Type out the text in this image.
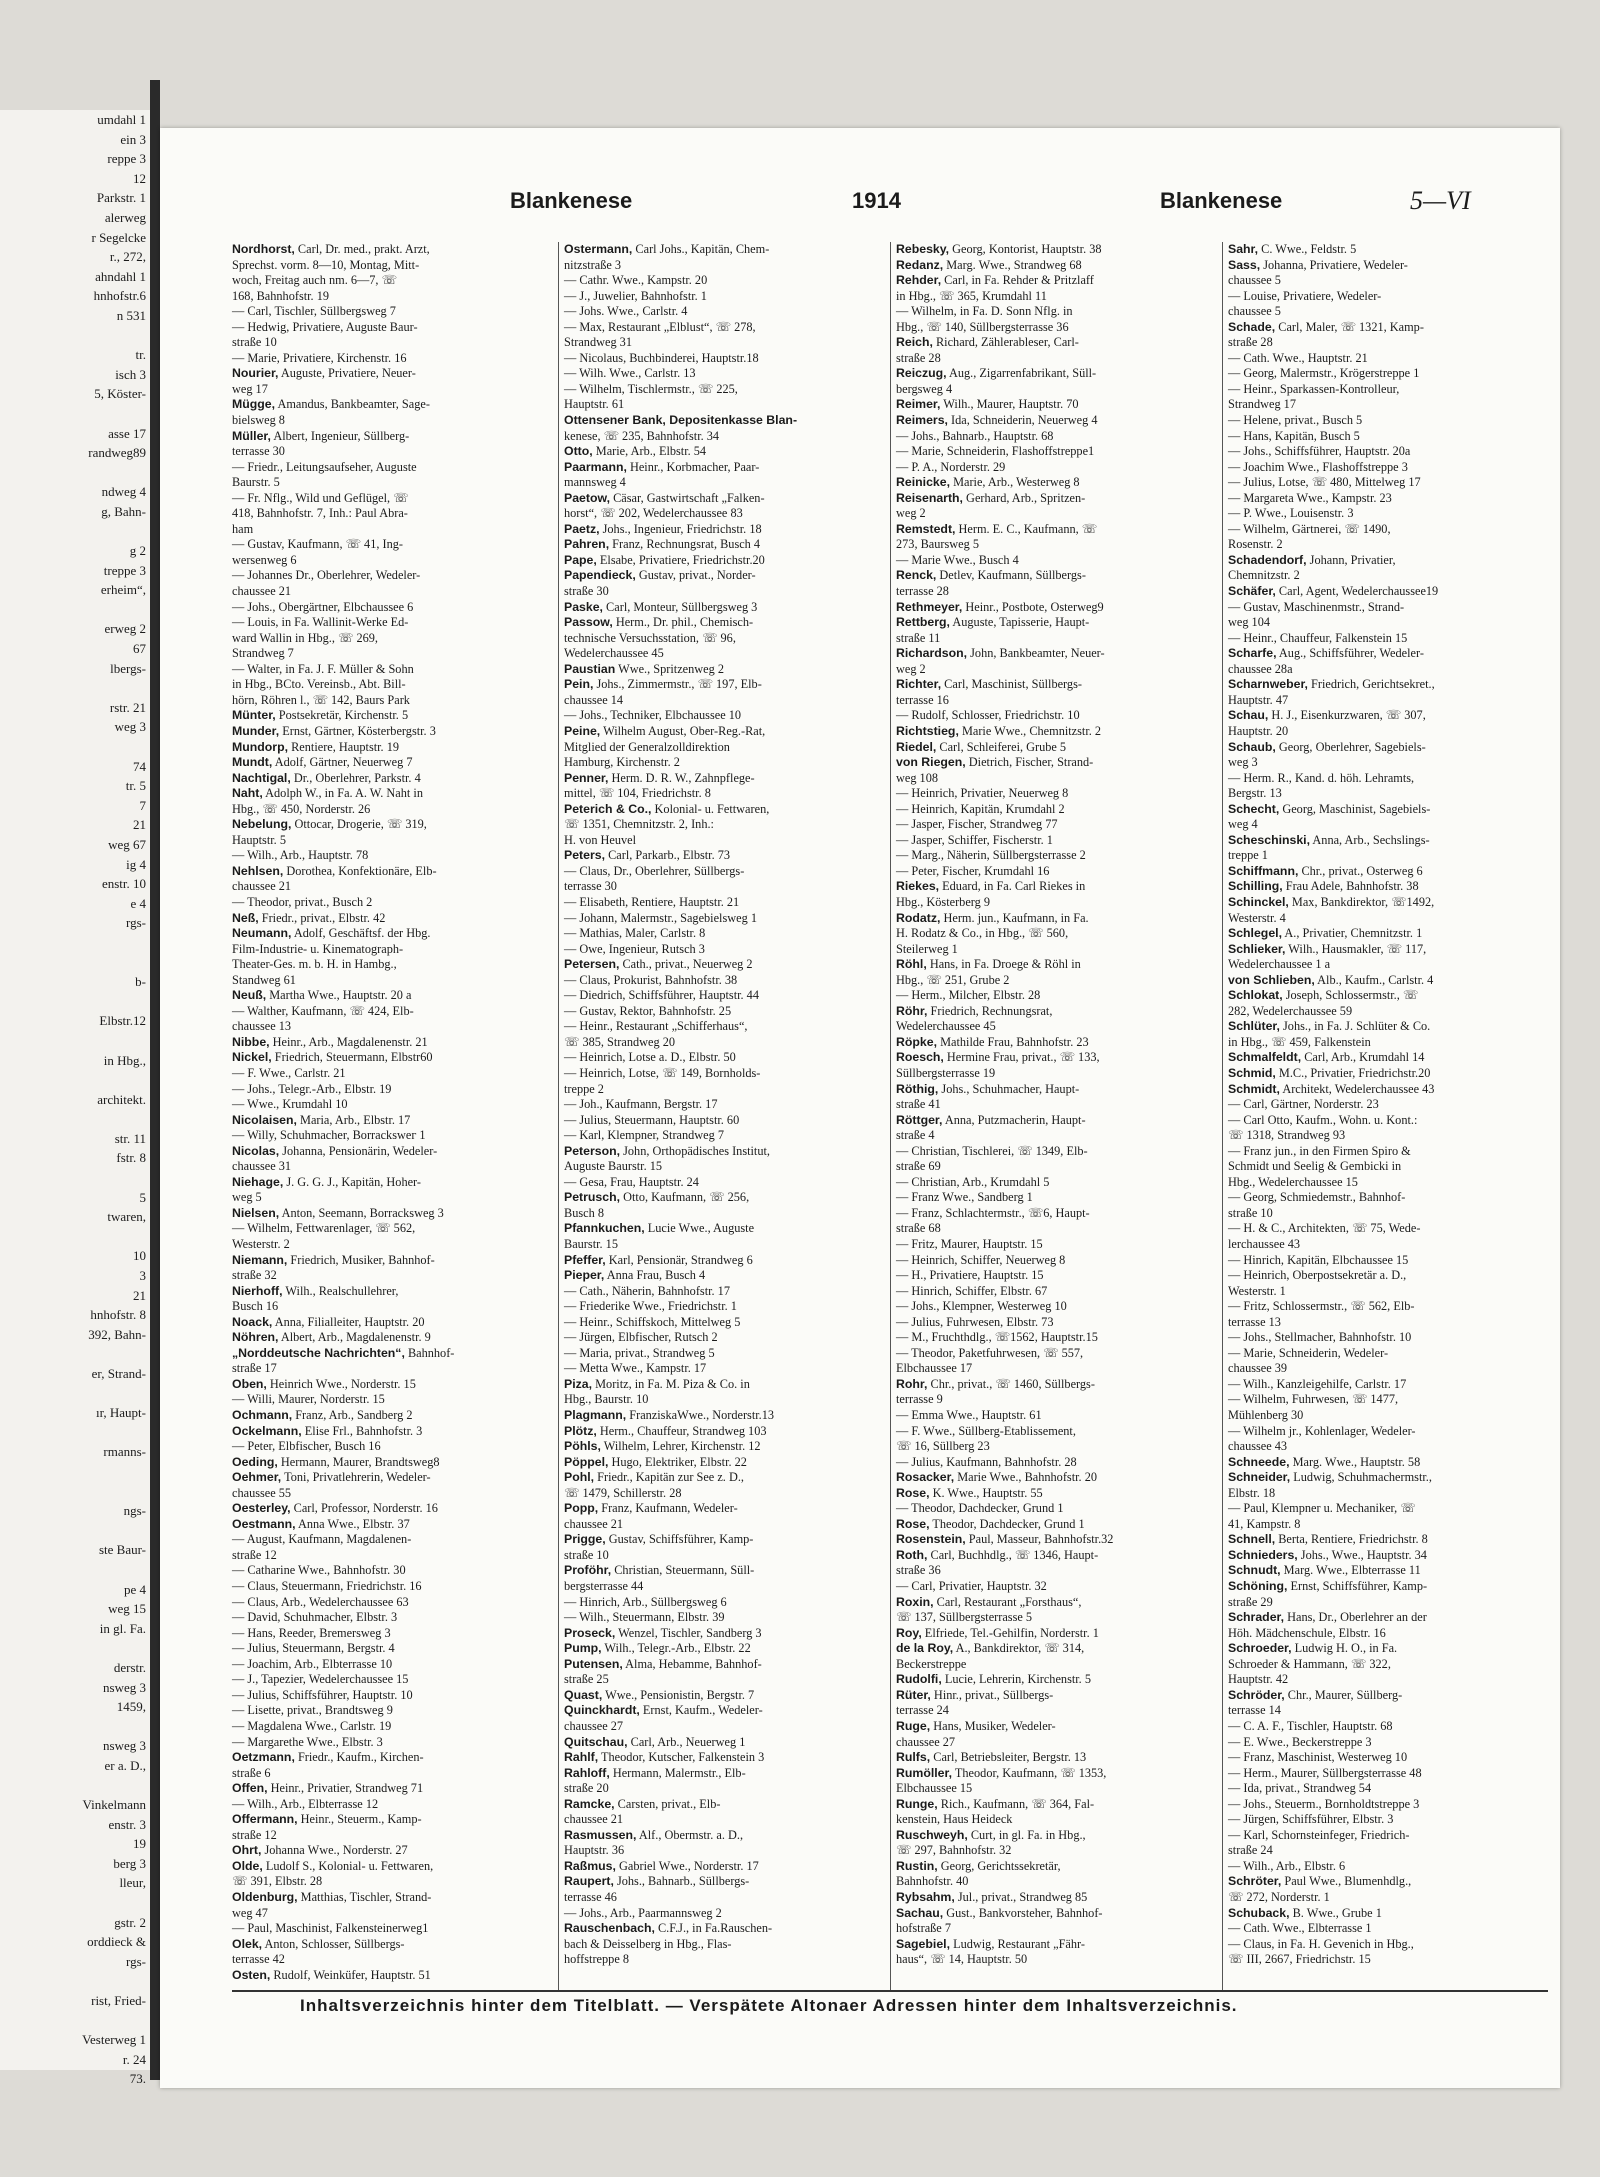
umdahl 1
ein 3
reppe 3
12
Parkstr. 1
alerweg
r Segelcke
r., 272,
ahndahl 1
hnhofstr.6
n 531

tr.
isch 3
5, Köster-

asse 17
randweg89

ndweg 4
g, Bahn-

g 2
treppe 3
erheim“,

erweg 2
67
lbergs-

rstr. 21
weg 3

74
tr. 5
7
21
weg 67
ig 4
enstr. 10
e 4
rgs-

b-

Elbstr.12

in Hbg.,

architekt.

str. 11
fstr. 8

5
twaren,

10
3
21
hnhofstr. 8
392, Bahn-

er, Strand-

ır, Haupt-

rmanns-

ngs-

ste Baur-

pe 4
weg 15
in gl. Fa.

derstr.
nsweg 3
1459,

nsweg 3
er a. D.,

Vinkelmann
enstr. 3
19
berg 3
lleur,

gstr. 2
orddieck &
rgs-

rist, Fried-

Vesterweg 1
r. 24
73.
Blankenese	1914	Blankenese	5—VI

Nordhorst, Carl, Dr. med., prakt. Arzt,

Sprechst. vorm. 8—10, Montag, Mitt-

woch, Freitag auch nm. 6—7, ☏

168, Bahnhofstr. 19

— Carl, Tischler, Süllbergsweg 7

— Hedwig, Privatiere, Auguste Baur-

straße 10

— Marie, Privatiere, Kirchenstr. 16

Nourier, Auguste, Privatiere, Neuer-

weg 17

Mügge, Amandus, Bankbeamter, Sage-

bielsweg 8

Müller, Albert, Ingenieur, Süllberg-

terrasse 30

— Friedr., Leitungsaufseher, Auguste

Baurstr. 5

— Fr. Nflg., Wild und Geflügel, ☏

418, Bahnhofstr. 7, Inh.: Paul Abra-

ham

— Gustav, Kaufmann, ☏ 41, Ing-

wersenweg 6

— Johannes Dr., Oberlehrer, Wedeler-

chaussee 21

— Johs., Obergärtner, Elbchaussee 6

— Louis, in Fa. Wallinit-Werke Ed-

ward Wallin in Hbg., ☏ 269,

Strandweg 7

— Walter, in Fa. J. F. Müller & Sohn

in Hbg., BCto. Vereinsb., Abt. Bill-

hörn, Röhren l., ☏ 142, Baurs Park

Münter, Postsekretär, Kirchenstr. 5

Munder, Ernst, Gärtner, Kösterbergstr. 3

Mundorp, Rentiere, Hauptstr. 19

Mundt, Adolf, Gärtner, Neuerweg 7

Nachtigal, Dr., Oberlehrer, Parkstr. 4

Naht, Adolph W., in Fa. A. W. Naht in

Hbg., ☏ 450, Norderstr. 26

Nebelung, Ottocar, Drogerie, ☏ 319,

Hauptstr. 5

— Wilh., Arb., Hauptstr. 78

Nehlsen, Dorothea, Konfektionäre, Elb-

chaussee 21

— Theodor, privat., Busch 2

Neß, Friedr., privat., Elbstr. 42

Neumann, Adolf, Geschäftsf. der Hbg.

Film-Industrie- u. Kinematograph-

Theater-Ges. m. b. H. in Hambg.,

Standweg 61

Neuß, Martha Wwe., Hauptstr. 20 a

— Walther, Kaufmann, ☏ 424, Elb-

chaussee 13

Nibbe, Heinr., Arb., Magdalenenstr. 21

Nickel, Friedrich, Steuermann, Elbstr60

— F. Wwe., Carlstr. 21

— Johs., Telegr.-Arb., Elbstr. 19

— Wwe., Krumdahl 10

Nicolaisen, Maria, Arb., Elbstr. 17

— Willy, Schuhmacher, Borrackswег 1

Nicolas, Johanna, Pensionärin, Wedeler-

chaussee 31

Niehage, J. G. G. J., Kapitän, Hoher-

weg 5

Nielsen, Anton, Seemann, Borrackswеg 3

— Wilhelm, Fettwarenlager, ☏ 562,

Westerstr. 2

Niemann, Friedrich, Musiker, Bahnhof-

straße 32

Nierhoff, Wilh., Realschullehrer,

Busch 16

Noack, Anna, Filialleiter, Hauptstr. 20

Nöhren, Albert, Arb., Magdalenenstr. 9

„Norddeutsche Nachrichten“, Bahnhof-

straße 17

Oben, Heinrich Wwe., Norderstr. 15

— Willi, Maurer, Norderstr. 15

Ochmann, Franz, Arb., Sandberg 2

Ockelmann, Elise Frl., Bahnhofstr. 3

— Peter, Elbfischer, Busch 16

Oeding, Hermann, Maurer, Brandtsweg8

Oehmer, Toni, Privatlehrerin, Wedeler-

chaussee 55

Oesterley, Carl, Professor, Norderstr. 16

Oestmann, Anna Wwe., Elbstr. 37

— August, Kaufmann, Magdalenen-

straße 12

— Catharine Wwe., Bahnhofstr. 30

— Claus, Steuermann, Friedrichstr. 16

— Claus, Arb., Wedelerchaussee 63

— David, Schuhmacher, Elbstr. 3

— Hans, Reeder, Bremersweg 3

— Julius, Steuermann, Bergstr. 4

— Joachim, Arb., Elbterrasse 10

— J., Tapezier, Wedelerchaussee 15

— Julius, Schiffsführer, Hauptstr. 10

— Lisette, privat., Brandtsweg 9

— Magdalena Wwe., Carlstr. 19

— Margarethe Wwe., Elbstr. 3

Oetzmann, Friedr., Kaufm., Kirchen-

straße 6

Offen, Heinr., Privatier, Strandweg 71

— Wilh., Arb., Elbterrasse 12

Offermann, Heinr., Steuerm., Kamp-

straße 12

Ohrt, Johanna Wwe., Norderstr. 27

Olde, Ludolf S., Kolonial- u. Fettwaren,

☏ 391, Elbstr. 28

Oldenburg, Matthias, Tischler, Strand-

weg 47

— Paul, Maschinist, Falkensteinerweg1

Olek, Anton, Schlosser, Süllbergs-

terrasse 42

Osten, Rudolf, Weinküfer, Hauptstr. 51

Ostermann, Carl Johs., Kapitän, Chem-

nitzstraße 3

— Cathr. Wwe., Kampstr. 20

— J., Juwelier, Bahnhofstr. 1

— Johs. Wwe., Carlstr. 4

— Max, Restaurant „Elblust“, ☏ 278,

Strandweg 31

— Nicolaus, Buchbinderei, Hauptstr.18

— Wilh. Wwe., Carlstr. 13

— Wilhelm, Tischlermstr., ☏ 225,

Hauptstr. 61

Ottensener Bank, Depositenkasse Blan-

kenese, ☏ 235, Bahnhofstr. 34

Otto, Marie, Arb., Elbstr. 54

Paarmann, Heinr., Korbmacher, Paar-

mannsweg 4

Paetow, Cäsar, Gastwirtschaft „Falken-

horst“, ☏ 202, Wedelerchaussee 83

Paetz, Johs., Ingenieur, Friedrichstr. 18

Pahren, Franz, Rechnungsrat, Busch 4

Pape, Elsabe, Privatiere, Friedrichstr.20

Papendieck, Gustav, privat., Norder-

straße 30

Paske, Carl, Monteur, Süllbergsweg 3

Passow, Herm., Dr. phil., Chemisch-

technische Versuchsstation, ☏ 96,

Wedelerchaussee 45

Paustian Wwe., Spritzenweg 2

Pein, Johs., Zimmermstr., ☏ 197, Elb-

chaussee 14

— Johs., Techniker, Elbchaussee 10

Peine, Wilhelm August, Ober-Reg.-Rat,

Mitglied der Generalzolldirektion

Hamburg, Kirchenstr. 2

Penner, Herm. D. R. W., Zahnpflege-

mittel, ☏ 104, Friedrichstr. 8

Peterich & Co., Kolonial- u. Fettwaren,

☏ 1351, Chemnitzstr. 2, Inh.:

H. von Heuvel

Peters, Carl, Parkarb., Elbstr. 73

— Claus, Dr., Oberlehrer, Süllbergs-

terrasse 30

— Elisabeth, Rentiere, Hauptstr. 21

— Johann, Malermstr., Sagebielsweg 1

— Mathias, Maler, Carlstr. 8

— Owe, Ingenieur, Rutsch 3

Petersen, Cath., privat., Neuerweg 2

— Claus, Prokurist, Bahnhofstr. 38

— Diedrich, Schiffsführer, Hauptstr. 44

— Gustav, Rektor, Bahnhofstr. 25

— Heinr., Restaurant „Schifferhaus“,

☏ 385, Strandweg 20

— Heinrich, Lotse a. D., Elbstr. 50

— Heinrich, Lotse, ☏ 149, Bornholds-

treppe 2

— Joh., Kaufmann, Bergstr. 17

— Julius, Steuermann, Hauptstr. 60

— Karl, Klempner, Strandweg 7

Peterson, John, Orthopädisches Institut,

Auguste Baurstr. 15

— Gesa, Frau, Hauptstr. 24

Petrusch, Otto, Kaufmann, ☏ 256,

Busch 8

Pfannkuchen, Lucie Wwe., Auguste

Baurstr. 15

Pfeffer, Karl, Pensionär, Strandweg 6

Pieper, Anna Frau, Busch 4

— Cath., Näherin, Bahnhofstr. 17

— Friederike Wwe., Friedrichstr. 1

— Heinr., Schiffskoch, Mittelweg 5

— Jürgen, Elbfischer, Rutsch 2

— Maria, privat., Strandweg 5

— Metta Wwe., Kampstr. 17

Piza, Moritz, in Fa. M. Piza & Co. in

Hbg., Baurstr. 10

Plagmann, FranziskaWwe., Norderstr.13

Plötz, Herm., Chauffeur, Strandweg 103

Pöhls, Wilhelm, Lehrer, Kirchenstr. 12

Pöppel, Hugo, Elektriker, Elbstr. 22

Pohl, Friedr., Kapitän zur See z. D.,

☏ 1479, Schillerstr. 28

Popp, Franz, Kaufmann, Wedeler-

chaussee 21

Prigge, Gustav, Schiffsführer, Kamp-

straße 10

Proföhr, Christian, Steuermann, Süll-

bergsterrasse 44

— Hinrich, Arb., Süllbergsweg 6

— Wilh., Steuermann, Elbstr. 39

Proseck, Wenzel, Tischler, Sandberg 3

Pump, Wilh., Telegr.-Arb., Elbstr. 22

Putensen, Alma, Hebamme, Bahnhof-

straße 25

Quast, Wwe., Pensionistin, Bergstr. 7

Quinckhardt, Ernst, Kaufm., Wedeler-

chaussee 27

Quitschau, Carl, Arb., Neuerweg 1

Rahlf, Theodor, Kutscher, Falkenstein 3

Rahloff, Hermann, Malermstr., Elb-

straße 20

Ramcke, Carsten, privat., Elb-

chaussee 21

Rasmussen, Alf., Obermstr. a. D.,

Hauptstr. 36

Raßmus, Gabriel Wwe., Norderstr. 17

Raupert, Johs., Bahnarb., Süllbergs-

terrasse 46

— Johs., Arb., Paarmannsweg 2

Rauschenbach, C.F.J., in Fa.Rauschen-

bach & Deisselberg in Hbg., Flas-

hoffstreppe 8

Rebesky, Georg, Kontorist, Hauptstr. 38

Redanz, Marg. Wwe., Strandweg 68

Rehder, Carl, in Fa. Rehder & Pritzlaff

in Hbg., ☏ 365, Krumdahl 11

— Wilhelm, in Fa. D. Sonn Nflg. in

Hbg., ☏ 140, Süllbergsterrasse 36

Reich, Richard, Zählerableser, Carl-

straße 28

Reiczug, Aug., Zigarrenfabrikant, Süll-

bergsweg 4

Reimer, Wilh., Maurer, Hauptstr. 70

Reimers, Ida, Schneiderin, Neuerweg 4

— Johs., Bahnarb., Hauptstr. 68

— Marie, Schneiderin, Flashoffstreppe1

— P. A., Norderstr. 29

Reinicke, Marie, Arb., Westerweg 8

Reisenarth, Gerhard, Arb., Spritzen-

weg 2

Remstedt, Herm. E. C., Kaufmann, ☏

273, Baursweg 5

— Marie Wwe., Busch 4

Renck, Detlev, Kaufmann, Süllbergs-

terrasse 28

Rethmeyer, Heinr., Postbote, Osterweg9

Rettberg, Auguste, Tapisserie, Haupt-

straße 11

Richardson, John, Bankbeamter, Neuer-

weg 2

Richter, Carl, Maschinist, Süllbergs-

terrasse 16

— Rudolf, Schlosser, Friedrichstr. 10

Richtstieg, Marie Wwe., Chemnitzstr. 2

Riedel, Carl, Schleiferei, Grube 5

von Riegen, Dietrich, Fischer, Strand-

weg 108

— Heinrich, Privatier, Neuerweg 8

— Heinrich, Kapitän, Krumdahl 2

— Jasper, Fischer, Strandweg 77

— Jasper, Schiffer, Fischerstr. 1

— Marg., Näherin, Süllbergsterrasse 2

— Peter, Fischer, Krumdahl 16

Riekes, Eduard, in Fa. Carl Riekes in

Hbg., Kösterberg 9

Rodatz, Herm. jun., Kaufmann, in Fa.

H. Rodatz & Co., in Hbg., ☏ 560,

Steilerweg 1

Röhl, Hans, in Fa. Droege & Röhl in

Hbg., ☏ 251, Grube 2

— Herm., Milcher, Elbstr. 28

Röhr, Friedrich, Rechnungsrat,

Wedelerchaussee 45

Röpke, Mathilde Frau, Bahnhofstr. 23

Roesch, Hermine Frau, privat., ☏ 133,

Süllbergsterrasse 19

Röthig, Johs., Schuhmacher, Haupt-

straße 41

Röttger, Anna, Putzmacherin, Haupt-

straße 4

— Christian, Tischlerei, ☏ 1349, Elb-

straße 69

— Christian, Arb., Krumdahl 5

— Franz Wwe., Sandberg 1

— Franz, Schlachtermstr., ☏6, Haupt-

straße 68

— Fritz, Maurer, Hauptstr. 15

— Heinrich, Schiffer, Neuerweg 8

— H., Privatiere, Hauptstr. 15

— Hinrich, Schiffer, Elbstr. 67

— Johs., Klempner, Westerweg 10

— Julius, Fuhrwesen, Elbstr. 73

— M., Fruchthdlg., ☏1562, Hauptstr.15

— Theodor, Paketfuhrwesen, ☏ 557,

Elbchaussee 17

Rohr, Chr., privat., ☏ 1460, Süllbergs-

terrasse 9

— Emma Wwe., Hauptstr. 61

— F. Wwe., Süllberg-Etablissement,

☏ 16, Süllberg 23

— Julius, Kaufmann, Bahnhofstr. 28

Rosacker, Marie Wwe., Bahnhofstr. 20

Rose, K. Wwe., Hauptstr. 55

— Theodor, Dachdecker, Grund 1

Rose, Theodor, Dachdecker, Grund 1

Rosenstein, Paul, Masseur, Bahnhofstr.32

Roth, Carl, Buchhdlg., ☏ 1346, Haupt-

straße 36

— Carl, Privatier, Hauptstr. 32

Roxin, Carl, Restaurant „Forsthaus“,

☏ 137, Süllbergsterrasse 5

Roy, Elfriede, Tel.-Gehilfin, Norderstr. 1

de la Roy, A., Bankdirektor, ☏ 314,

Beckerstreppe

Rudolfi, Lucie, Lehrerin, Kirchenstr. 5

Rüter, Hinr., privat., Süllbergs-

terrasse 24

Ruge, Hans, Musiker, Wedeler-

chaussee 27

Rulfs, Carl, Betriebsleiter, Bergstr. 13

Rumöller, Theodor, Kaufmann, ☏ 1353,

Elbchaussee 15

Runge, Rich., Kaufmann, ☏ 364, Fal-

kenstein, Haus Heideck

Ruschweyh, Curt, in gl. Fa. in Hbg.,

☏ 297, Bahnhofstr. 32

Rustin, Georg, Gerichtssekretär,

Bahnhofstr. 40

Rybsahm, Jul., privat., Strandweg 85

Sachau, Gust., Bankvorsteher, Bahnhof-

hofstraße 7

Sagebiel, Ludwig, Restaurant „Fähr-

haus“, ☏ 14, Hauptstr. 50

Sahr, C. Wwe., Feldstr. 5

Sass, Johanna, Privatiere, Wedeler-

chaussee 5

— Louise, Privatiere, Wedeler-

chaussee 5

Schade, Carl, Maler, ☏ 1321, Kamp-

straße 28

— Cath. Wwe., Hauptstr. 21

— Georg, Malermstr., Krögerstreppe 1

— Heinr., Sparkassen-Kontrolleur,

Strandweg 17

— Helene, privat., Busch 5

— Hans, Kapitän, Busch 5

— Johs., Schiffsführer, Hauptstr. 20a

— Joachim Wwe., Flashoffstreppe 3

— Julius, Lotse, ☏ 480, Mittelweg 17

— Margareta Wwe., Kampstr. 23

— P. Wwe., Louisenstr. 3

— Wilhelm, Gärtnerei, ☏ 1490,

Rosenstr. 2

Schadendorf, Johann, Privatier,

Chemnitzstr. 2

Schäfer, Carl, Agent, Wedelerchaussee19

— Gustav, Maschinenmstr., Strand-

weg 104

— Heinr., Chauffeur, Falkenstein 15

Scharfe, Aug., Schiffsführer, Wedeler-

chaussee 28a

Scharnweber, Friedrich, Gerichtsekret.,

Hauptstr. 47

Schau, H. J., Eisenkurzwaren, ☏ 307,

Hauptstr. 20

Schaub, Georg, Oberlehrer, Sagebiels-

weg 3

— Herm. R., Kand. d. höh. Lehramts,

Bergstr. 13

Schecht, Georg, Maschinist, Sagebiels-

weg 4

Scheschinski, Anna, Arb., Sechslings-

treppe 1

Schiffmann, Chr., privat., Osterweg 6

Schilling, Frau Adele, Bahnhofstr. 38

Schinckel, Max, Bankdirektor, ☏1492,

Westerstr. 4

Schlegel, A., Privatier, Chemnitzstr. 1

Schlieker, Wilh., Hausmakler, ☏ 117,

Wedelerchaussee 1 a

von Schlieben, Alb., Kaufm., Carlstr. 4

Schlokat, Joseph, Schlossermstr., ☏

282, Wedelerchaussee 59

Schlüter, Johs., in Fa. J. Schlüter & Co.

in Hbg., ☏ 459, Falkenstein

Schmalfeldt, Carl, Arb., Krumdahl 14

Schmid, M.C., Privatier, Friedrichstr.20

Schmidt, Architekt, Wedelerchaussee 43

— Carl, Gärtner, Norderstr. 23

— Carl Otto, Kaufm., Wohn. u. Kont.:

☏ 1318, Strandweg 93

— Franz jun., in den Firmen Spiro &

Schmidt und Seelig & Gembicki in

Hbg., Wedelerchaussee 15

— Georg, Schmiedemstr., Bahnhof-

straße 10

— H. & C., Architekten, ☏ 75, Wede-

lerchaussee 43

— Hinrich, Kapitän, Elbchaussee 15

— Heinrich, Oberpostsekretär a. D.,

Westerstr. 1

— Fritz, Schlossermstr., ☏ 562, Elb-

terrasse 13

— Johs., Stellmacher, Bahnhofstr. 10

— Marie, Schneiderin, Wedeler-

chaussee 39

— Wilh., Kanzleigehilfe, Carlstr. 17

— Wilhelm, Fuhrwesen, ☏ 1477,

Mühlenberg 30

— Wilhelm jr., Kohlenlager, Wedeler-

chaussee 43

Schneede, Marg. Wwe., Hauptstr. 58

Schneider, Ludwig, Schuhmachermstr.,

Elbstr. 18

— Paul, Klempner u. Mechaniker, ☏

41, Kampstr. 8

Schnell, Berta, Rentiere, Friedrichstr. 8

Schnieders, Johs., Wwe., Hauptstr. 34

Schnudt, Marg. Wwe., Elbterrasse 11

Schöning, Ernst, Schiffsführer, Kamp-

straße 29

Schrader, Hans, Dr., Oberlehrer an der

Höh. Mädchenschule, Elbstr. 16

Schroeder, Ludwig H. O., in Fa.

Schroeder & Hammann, ☏ 322,

Hauptstr. 42

Schröder, Chr., Maurer, Süllberg-

terrasse 14

— C. A. F., Tischler, Hauptstr. 68

— E. Wwe., Beckerstreppe 3

— Franz, Maschinist, Westerweg 10

— Herm., Maurer, Süllbergsterrasse 48

— Ida, privat., Strandweg 54

— Johs., Steuerm., Bornholdtstreppe 3

— Jürgen, Schiffsführer, Elbstr. 3

— Karl, Schornsteinfeger, Friedrich-

straße 24

— Wilh., Arb., Elbstr. 6

Schröter, Paul Wwe., Blumenhdlg.,

☏ 272, Norderstr. 1

Schuback, B. Wwe., Grube 1

— Cath. Wwe., Elbterrasse 1

— Claus, in Fa. H. Gevenich in Hbg.,

☏ III, 2667, Friedrichstr. 15

Inhaltsverzeichnis hinter dem Titelblatt. — Verspätete Altonaer Adressen hinter dem Inhaltsverzeichnis.
